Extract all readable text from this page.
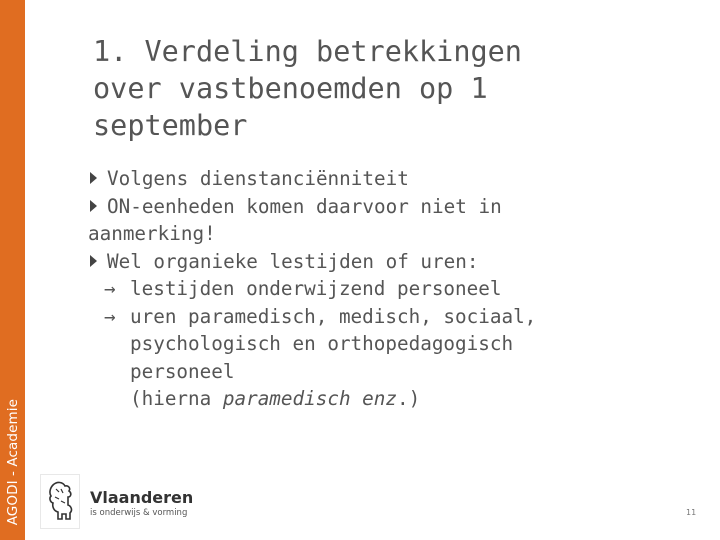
AGODI - Academie
1. Verdeling betrekkingen
over vastbenoemden op 1
september
Volgens dienstanciënniteit
ON-eenheden komen daarvoor niet in
aanmerking!
Wel organieke lestijden of uren:
→ lestijden onderwijzend personeel
→ uren paramedisch, medisch, sociaal,
psychologisch en orthopedagogisch
personeel
(hierna paramedisch enz.)
Vlaanderen
is onderwijs & vorming	11
